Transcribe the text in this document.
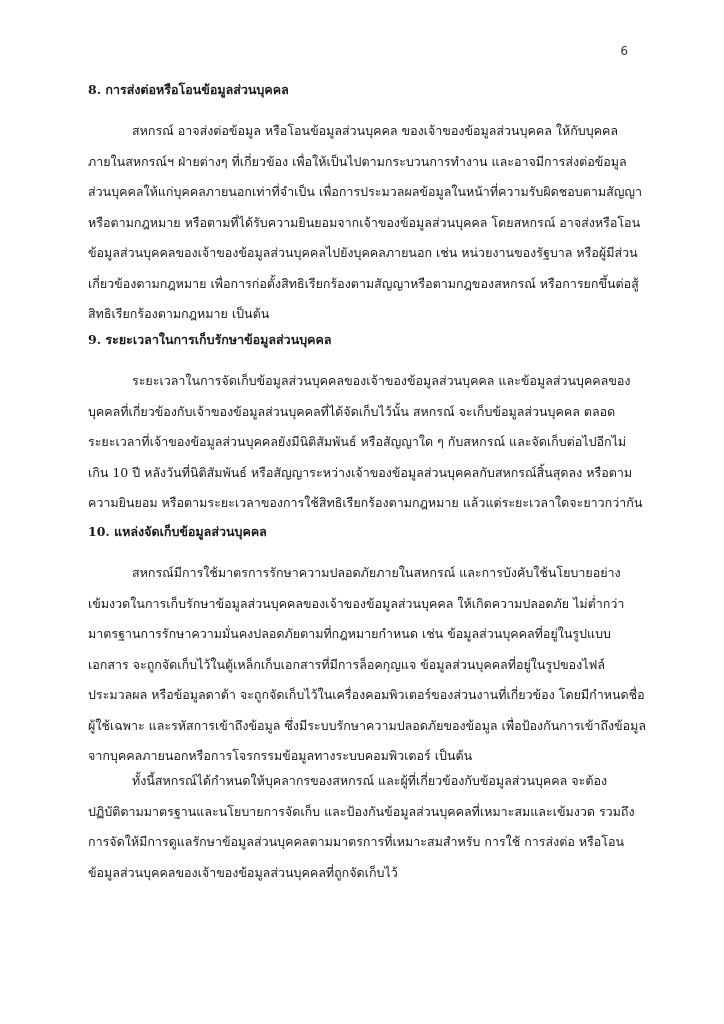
6
8. การส่งต่อหรือโอนข้อมูลส่วนบุคคล

สหกรณ์ อาจส่งต่อข้อมูล หรือโอนข้อมูลส่วนบุคคล ของเจ้าของข้อมูลส่วนบุคคล ให้กับบุคคล
ภายในสหกรณ์ฯ ฝ่ายต่างๆ ที่เกี่ยวข้อง เพื่อให้เป็นไปตามกระบวนการทำงาน และอาจมีการส่งต่อข้อมูล
ส่วนบุคคลให้แก่บุคคลภายนอกเท่าที่จำเป็น เพื่อการประมวลผลข้อมูลในหน้าที่ความรับผิดชอบตามสัญญา
หรือตามกฎหมาย หรือตามที่ได้รับความยินยอมจากเจ้าของข้อมูลส่วนบุคคล โดยสหกรณ์ อาจส่งหรือโอน
ข้อมูลส่วนบุคคลของเจ้าของข้อมูลส่วนบุคคลไปยังบุคคลภายนอก เช่น หน่วยงานของรัฐบาล หรือผู้มีส่วน
เกี่ยวข้องตามกฎหมาย เพื่อการก่อตั้งสิทธิเรียกร้องตามสัญญาหรือตามกฎของสหกรณ์ หรือการยกขึ้นต่อสู้
สิทธิเรียกร้องตามกฎหมาย เป็นต้น

9. ระยะเวลาในการเก็บรักษาข้อมูลส่วนบุคคล

ระยะเวลาในการจัดเก็บข้อมูลส่วนบุคคลของเจ้าของข้อมูลส่วนบุคคล และข้อมูลส่วนบุคคลของ
บุคคลที่เกี่ยวข้องกับเจ้าของข้อมูลส่วนบุคคลที่ได้จัดเก็บไว้นั้น สหกรณ์ จะเก็บข้อมูลส่วนบุคคล ตลอด
ระยะเวลาที่เจ้าของข้อมูลส่วนบุคคลยังมีนิติสัมพันธ์ หรือสัญญาใด ๆ กับสหกรณ์ และจัดเก็บต่อไปอีกไม่
เกิน 10 ปี หลังวันที่นิติสัมพันธ์ หรือสัญญาระหว่างเจ้าของข้อมูลส่วนบุคคลกับสหกรณ์สิ้นสุดลง หรือตาม
ความยินยอม หรือตามระยะเวลาของการใช้สิทธิเรียกร้องตามกฎหมาย แล้วแต่ระยะเวลาใดจะยาวกว่ากัน

10. แหล่งจัดเก็บข้อมูลส่วนบุคคล

สหกรณ์มีการใช้มาตรการรักษาความปลอดภัยภายในสหกรณ์ และการบังคับใช้นโยบายอย่าง
เข้มงวดในการเก็บรักษาข้อมูลส่วนบุคคลของเจ้าของข้อมูลส่วนบุคคล ให้เกิดความปลอดภัย ไม่ต่ำกว่า
มาตรฐานการรักษาความมั่นคงปลอดภัยตามที่กฎหมายกำหนด เช่น ข้อมูลส่วนบุคคลที่อยู่ในรูปแบบ
เอกสาร จะถูกจัดเก็บไว้ในตู้เหล็กเก็บเอกสารที่มีการล็อคกุญแจ ข้อมูลส่วนบุคคลที่อยู่ในรูปของไฟล์
ประมวลผล หรือข้อมูลดาต้า จะถูกจัดเก็บไว้ในเครื่องคอมพิวเตอร์ของส่วนงานที่เกี่ยวข้อง โดยมีกำหนดชื่อ
ผู้ใช้เฉพาะ และรหัสการเข้าถึงข้อมูล ซึ่งมีระบบรักษาความปลอดภัยของข้อมูล เพื่อป้องกันการเข้าถึงข้อมูล
จากบุคคลภายนอกหรือการโจรกรรมข้อมูลทางระบบคอมพิวเตอร์ เป็นต้น

ทั้งนี้สหกรณ์ได้กำหนดให้บุคลากรของสหกรณ์ และผู้ที่เกี่ยวข้องกับข้อมูลส่วนบุคคล จะต้อง
ปฏิบัติตามมาตรฐานและนโยบายการจัดเก็บ และป้องกันข้อมูลส่วนบุคคลที่เหมาะสมและเข้มงวด รวมถึง
การจัดให้มีการดูแลรักษาข้อมูลส่วนบุคคลตามมาตรการที่เหมาะสมสำหรับ การใช้ การส่งต่อ หรือโอน
ข้อมูลส่วนบุคคลของเจ้าของข้อมูลส่วนบุคคลที่ถูกจัดเก็บไว้
